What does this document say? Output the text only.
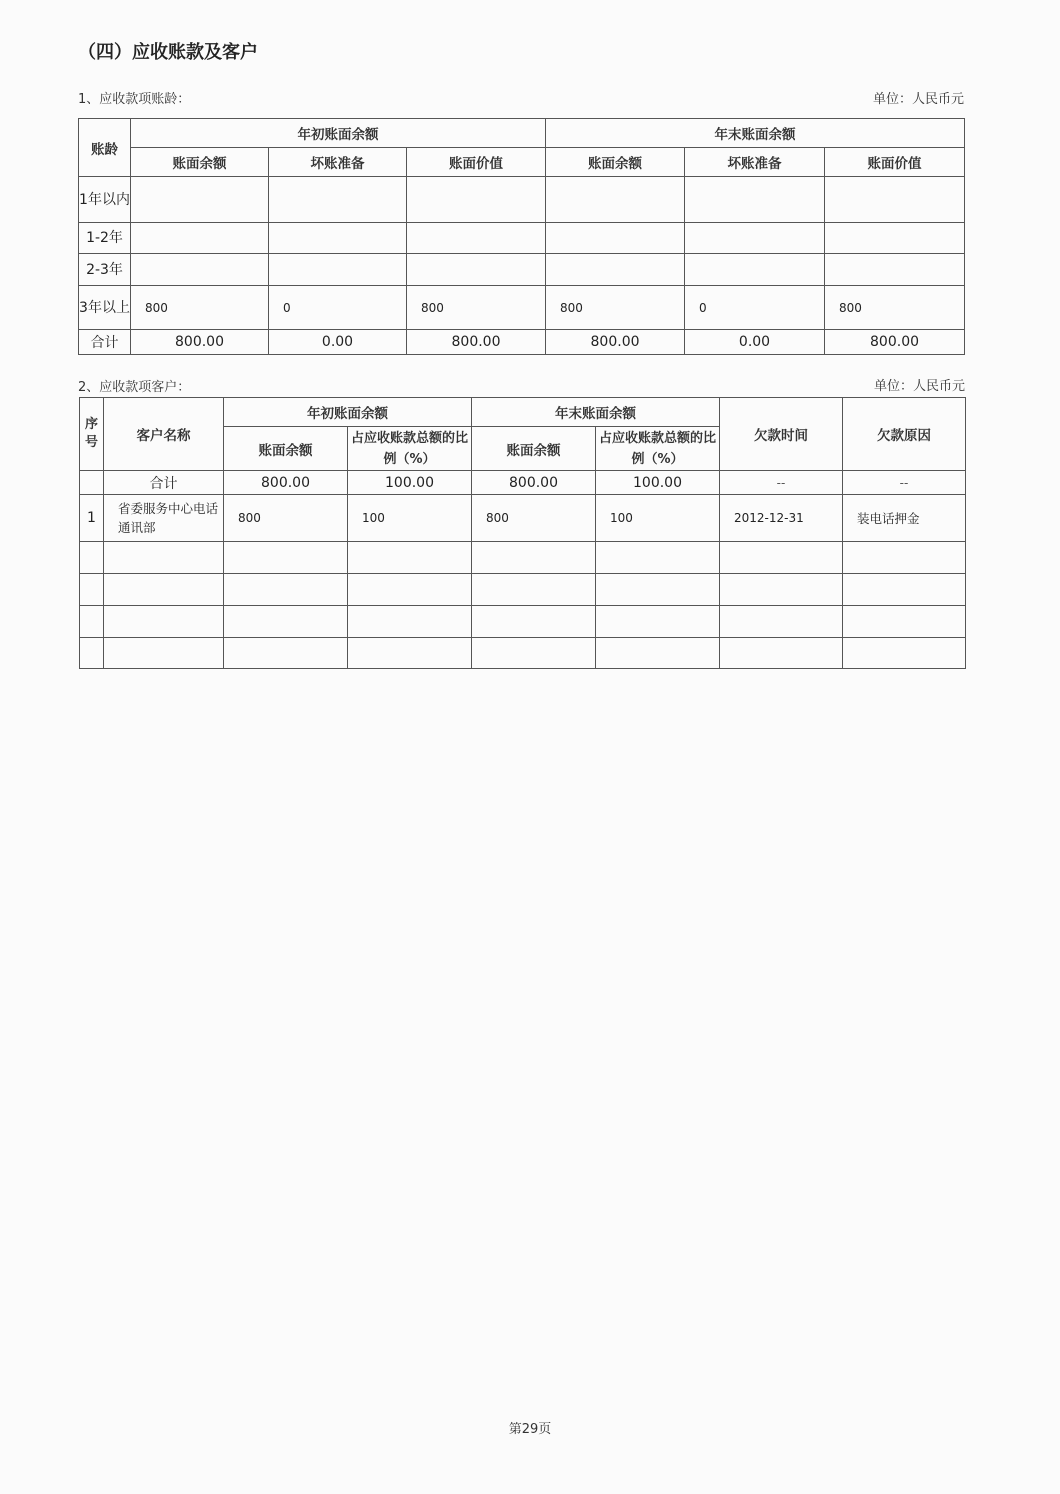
（四）应收账款及客户
1、应收款项账龄：	单位：人民币元
账龄	年初账面余额			年末账面余额		
	账面余额	坏账准备	账面价值	账面余额	坏账准备	账面价值
1年以内						
1-2年						
2-3年						
3年以上	800	0	800	800	0	800
合计	800.00	0.00	800.00	800.00	0.00	800.00
2、应收款项客户：	单位：人民币元
序号	客户名称	年初账面余额		年末账面余额		欠款时间	欠款原因
		账面余额	占应收账款总额的比例（%）	账面余额	占应收账款总额的比例（%）		
	合计	800.00	100.00	800.00	100.00	--	--
1	省委服务中心电话通讯部	800	100	800	100	2012-12-31	装电话押金

第29页
